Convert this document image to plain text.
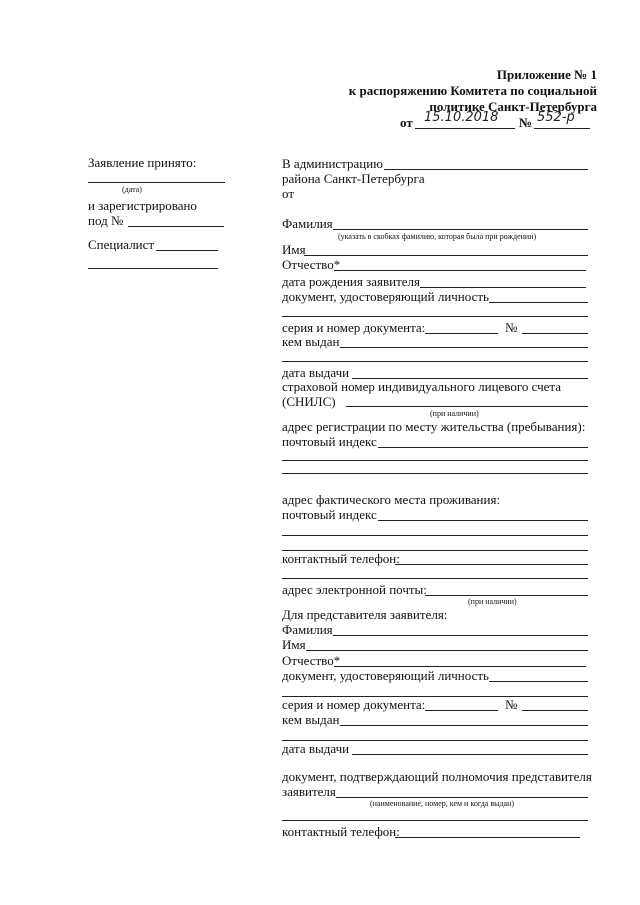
Приложение № 1
к распоряжению Комитета по социальной
политике Санкт-Петербурга
от 15.10.2018 № 552-р
Заявление принято:
(дата)
и зарегистрировано
под №
Специалист
В администрацию
района Санкт-Петербурга
от
Фамилия
(указать в скобках фамилию, которая была при рождении)
Имя
Отчество*
дата рождения заявителя
документ, удостоверяющий личность
серия и номер документа:	№
кем выдан
дата выдачи
страховой номер индивидуального лицевого счета
(СНИЛС)
(при наличии)
адрес регистрации по месту жительства (пребывания):
почтовый индекс
адрес фактического места проживания:
почтовый индекс
контактный телефон:
адрес электронной почты:
(при наличии)
Для представителя заявителя:
Фамилия
Имя
Отчество*
документ, удостоверяющий личность
серия и номер документа:	№
кем выдан
дата выдачи
документ, подтверждающий полномочия представителя
заявителя
(наименование, номер, кем и когда выдан)
контактный телефон:
